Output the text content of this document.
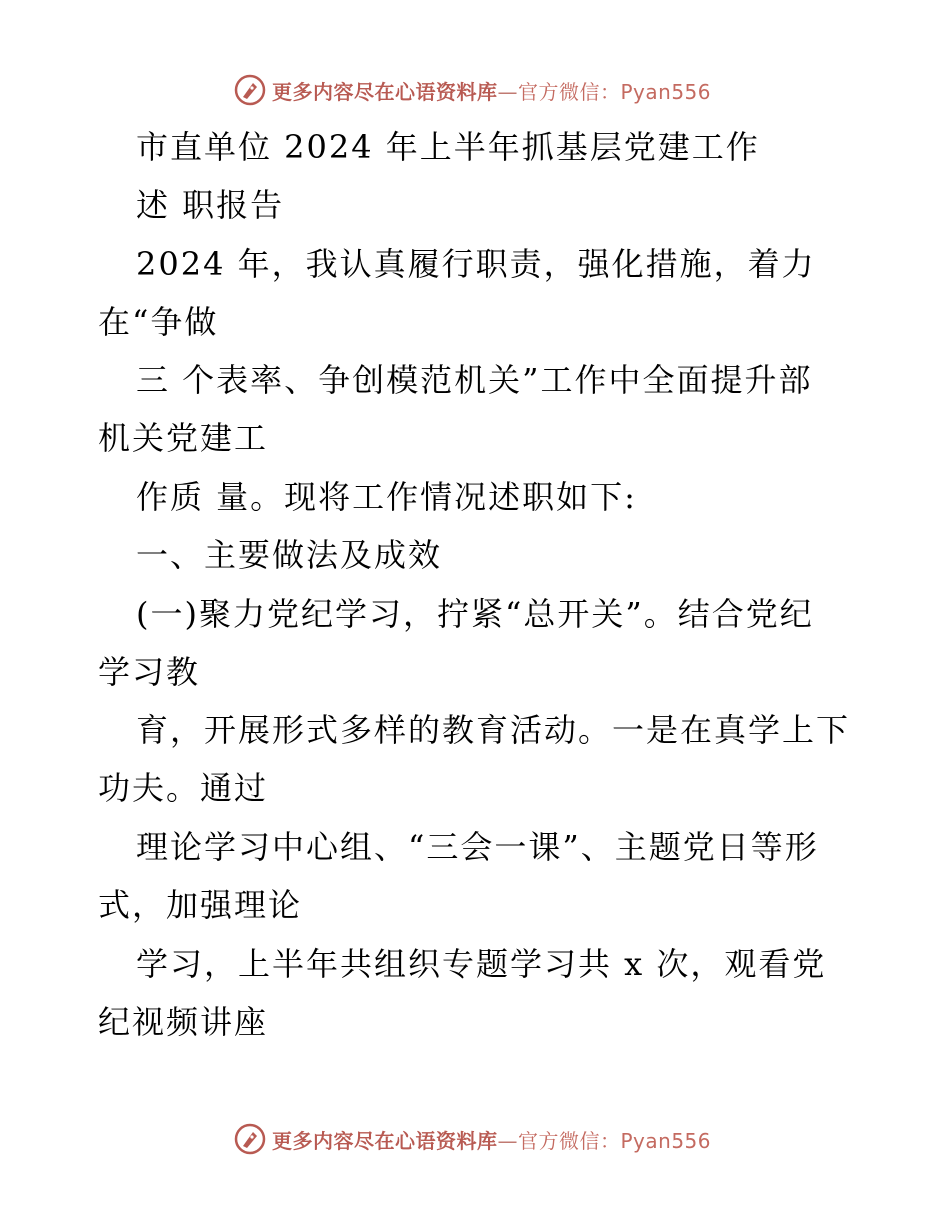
更多内容尽在心语资料库—官方微信：Pyan556
市直单位 2024 年上半年抓基层党建工作
述 职报告
2024 年，我认真履行职责，强化措施，着力
在“争做
三 个表率、争创模范机关”工作中全面提升部
机关党建工
作质 量。现将工作情况述职如下:
一、主要做法及成效
(一)聚力党纪学习，拧紧“总开关”。结合党纪
学习教
育，开展形式多样的教育活动。一是在真学上下
功夫。通过
理论学习中心组、“三会一课”、主题党日等形
式，加强理论
学习，上半年共组织专题学习共 x 次，观看党
纪视频讲座
更多内容尽在心语资料库—官方微信：Pyan556
